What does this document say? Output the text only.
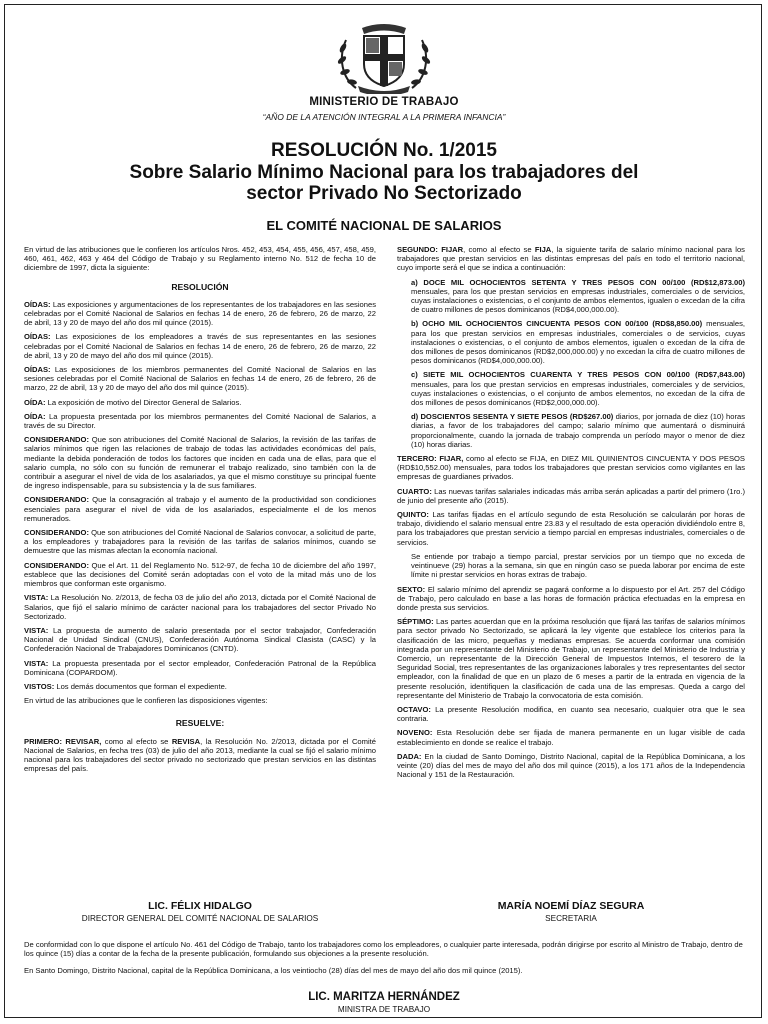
MINISTERIO DE TRABAJO
“AÑO DE LA ATENCIÓN INTEGRAL A LA PRIMERA INFANCIA”
RESOLUCIÓN No. 1/2015
Sobre Salario Mínimo Nacional para los trabajadores del
sector Privado No Sectorizado
EL COMITÉ NACIONAL DE SALARIOS

En virtud de las atribuciones que le confieren los artículos Nros. 452, 453, 454, 455, 456, 457, 458, 459, 460, 461, 462, 463 y 464 del Código de Trabajo y su Reglamento interno No. 512 de fecha 10 de diciembre de 1997, dicta la siguiente:

RESOLUCIÓN

OÍDAS: Las exposiciones y argumentaciones de los representantes de los trabajadores en las sesiones celebradas por el Comité Nacional de Salarios en fechas 14 de enero, 26 de febrero, 26 de marzo, 22 de abril, 13 y 20 de mayo del año dos mil quince (2015).

OÍDAS: Las exposiciones de los empleadores a través de sus representantes en las sesiones celebradas por el Comité Nacional de Salarios en fechas 14 de enero, 26 de febrero, 26 de marzo, 22 de abril, 13 y 20 de mayo del año dos mil quince (2015).

OÍDAS: Las exposiciones de los miembros permanentes del Comité Nacional de Salarios en las sesiones celebradas por el Comité Nacional de Salarios en fechas 14 de enero, 26 de febrero, 26 de marzo, 22 de abril, 13 y 20 de mayo del año dos mil quince (2015).

OÍDA: La exposición de motivo del Director General de Salarios.

OÍDA: La propuesta presentada por los miembros permanentes del Comité Nacional de Salarios, a través de su Director.

CONSIDERANDO: Que son atribuciones del Comité Nacional de Salarios, la revisión de las tarifas de salarios mínimos que rigen las relaciones de trabajo de todas las actividades económicas del país, mediante la debida ponderación de todos los factores que inciden en cada una de ellas, para que el salario cumpla, no sólo con su función de remunerar el trabajo realizado, sino también con la de contribuir a asegurar el nivel de vida de los asalariados, ya que el mismo constituye su principal fuente de ingreso indispensable, para su subsistencia y la de sus familiares.

CONSIDERANDO: Que la consagración al trabajo y el aumento de la productividad son condiciones esenciales para asegurar el nivel de vida de los asalariados, especialmente el de los menos remunerados.

CONSIDERANDO: Que son atribuciones del Comité Nacional de Salarios convocar, a solicitud de parte, a los empleadores y trabajadores para la revisión de las tarifas de salarios mínimos, cuando se demuestre que las mismas afectan la economía nacional.

CONSIDERANDO: Que el Art. 11 del Reglamento No. 512-97, de fecha 10 de diciembre del año 1997, establece que las decisiones del Comité serán adoptadas con el voto de la mitad más uno de los miembros que conforman este organismo.

VISTA: La Resolución No. 2/2013, de fecha 03 de julio del año 2013, dictada por el Comité Nacional de Salarios, que fijó el salario mínimo de carácter nacional para los trabajadores del sector Privado No Sectorizado.

VISTA: La propuesta de aumento de salario presentada por el sector trabajador, Confederación Nacional de Unidad Sindical (CNUS), Confederación Autónoma Sindical Clasista (CASC) y la Confederación Nacional de Trabajadores Dominicanos (CNTD).

VISTA: La propuesta presentada por el sector empleador, Confederación Patronal de la República Dominicana (COPARDOM).

VISTOS: Los demás documentos que forman el expediente.

En virtud de las atribuciones que le confieren las disposiciones vigentes:

RESUELVE:

PRIMERO: REVISAR, como al efecto se REVISA, la Resolución No. 2/2013, dictada por el Comité Nacional de Salarios, en fecha tres (03) de julio del año 2013, mediante la cual se fijó el salario mínimo nacional para los trabajadores del sector privado no sectorizado que prestan servicios en las distintas empresas del país.

SEGUNDO: FIJAR, como al efecto se FIJA, la siguiente tarifa de salario mínimo nacional para los trabajadores que prestan servicios en las distintas empresas del país en todo el territorio nacional, cuyo importe será el que se indica a continuación:

a) DOCE MIL OCHOCIENTOS SETENTA Y TRES PESOS CON 00/100 (RD$12,873.00) mensuales, para los que prestan servicios en empresas industriales, comerciales o de servicios, cuyas instalaciones o existencias, o el conjunto de ambos elementos, igualen o excedan de la cifra de cuatro millones de pesos dominicanos (RD$4,000,000.00).

b) OCHO MIL OCHOCIENTOS CINCUENTA PESOS CON 00/100 (RD$8,850.00) mensuales, para los que prestan servicios en empresas industriales, comerciales o de servicios, cuyas instalaciones o existencias, o el conjunto de ambos elementos, igualen o excedan de la cifra de dos millones de pesos dominicanos (RD$2,000,000.00) y no excedan la cifra de cuatro millones de pesos dominicanos (RD$4,000,000.00).

c) SIETE MIL OCHOCIENTOS CUARENTA Y TRES PESOS CON 00/100 (RD$7,843.00) mensuales, para los que prestan servicios en empresas industriales, comerciales y de servicios, cuyas instalaciones o existencias, o el conjunto de ambos elementos, no excedan de la cifra de dos millones de pesos dominicanos (RD$2,000,000.00).

d) DOSCIENTOS SESENTA Y SIETE PESOS (RD$267.00) diarios, por jornada de diez (10) horas diarias, a favor de los trabajadores del campo; salario mínimo que aumentará o disminuirá proporcionalmente, cuando la jornada de trabajo comprenda un período mayor o menor de diez (10) horas diarias.

TERCERO: FIJAR, como al efecto se FIJA, en DIEZ MIL QUINIENTOS CINCUENTA Y DOS PESOS (RD$10,552.00) mensuales, para todos los trabajadores que prestan servicios como vigilantes en las empresas de guardianes privados.

CUARTO: Las nuevas tarifas salariales indicadas más arriba serán aplicadas a partir del primero (1ro.) de junio del presente año (2015).

QUINTO: Las tarifas fijadas en el artículo segundo de esta Resolución se calcularán por horas de trabajo, dividiendo el salario mensual entre 23.83 y el resultado de esta operación dividiéndolo entre 8, para los trabajadores que prestan servicio a tiempo parcial en empresas industriales, comerciales o de servicios.

Se entiende por trabajo a tiempo parcial, prestar servicios por un tiempo que no exceda de veintinueve (29) horas a la semana, sin que en ningún caso se pueda laborar por encima de este límite ni prestar servicios en horas extras de trabajo.

SEXTO: El salario mínimo del aprendiz se pagará conforme a lo dispuesto por el Art. 257 del Código de Trabajo, pero calculado en base a las horas de formación práctica efectuadas en la empresa en donde presta sus servicios.

SÉPTIMO: Las partes acuerdan que en la próxima resolución que fijará las tarifas de salarios mínimos para sector privado No Sectorizado, se aplicará la ley vigente que establece los criterios para la clasificación de las micro, pequeñas y medianas empresas. Se acuerda conformar una comisión integrada por un representante del Ministerio de Trabajo, un representante del Ministerio de Industria y Comercio, un representante de la Dirección General de Impuestos Internos, el tesorero de la Seguridad Social, tres representantes de las organizaciones laborales y tres representantes del sector empleador, con la finalidad de que en un plazo de 6 meses a partir de la entrada en vigencia de la presente resolución, identifiquen la clasificación de cada una de las empresas. Queda a cargo del representante del Ministerio de Trabajo la convocatoria de esta comisión.

OCTAVO: La presente Resolución modifica, en cuanto sea necesario, cualquier otra que le sea contraria.

NOVENO: Esta Resolución debe ser fijada de manera permanente en un lugar visible de cada establecimiento en donde se realice el trabajo.

DADA: En la ciudad de Santo Domingo, Distrito Nacional, capital de la República Dominicana, a los veinte (20) días del mes de mayo del año dos mil quince (2015), a los 171 años de la Independencia Nacional y 151 de la Restauración.

LIC. FÉLIX HIDALGO
DIRECTOR GENERAL DEL COMITÉ NACIONAL DE SALARIOS
MARÍA NOEMÍ DÍAZ SEGURA
SECRETARIA
De conformidad con lo que dispone el artículo No. 461 del Código de Trabajo, tanto los trabajadores como los empleadores, o cualquier parte interesada, podrán dirigirse por escrito al Ministro de Trabajo, dentro de los quince (15) días a contar de la fecha de la presente publicación, formulando sus objeciones a la presente resolución.
En Santo Domingo, Distrito Nacional, capital de la República Dominicana, a los veintiocho (28) días del mes de mayo del año dos mil quince (2015).
LIC. MARITZA HERNÁNDEZ
MINISTRA DE TRABAJO
